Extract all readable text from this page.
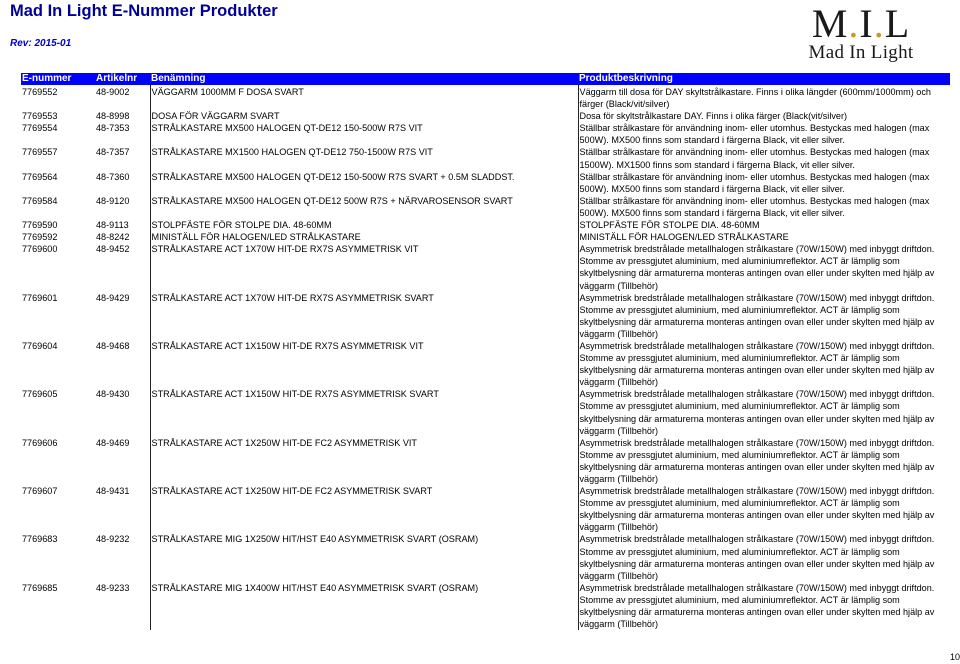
Mad In Light E-Nummer Produkter
Rev: 2015-01	M.I.L
Mad In Light
E-nummer	Artikelnr	Benämning	Produktbeskrivning
7769552	48-9002	VÄGGARM 1000MM F DOSA SVART	Väggarm till dosa för DAY skyltstrålkastare. Finns i olika längder (600mm/1000mm) och färger (Black/vit/silver)
7769553	48-8998	DOSA FÖR VÄGGARM SVART	Dosa för skyltstrålkastare DAY. Finns i olika färger (Black(vit/silver)
7769554	48-7353	STRÅLKASTARE MX500 HALOGEN QT-DE12 150-500W R7S VIT	Ställbar strålkastare för användning inom- eller utomhus. Bestyckas med halogen (max 500W). MX500 finns som standard i färgerna Black, vit eller silver.
7769557	48-7357	STRÅLKASTARE MX1500 HALOGEN QT-DE12 750-1500W R7S VIT	Ställbar strålkastare för användning inom- eller utomhus. Bestyckas med halogen (max 1500W). MX1500 finns som standard i färgerna Black, vit eller silver.
7769564	48-7360	STRÅLKASTARE MX500 HALOGEN QT-DE12 150-500W R7S SVART + 0.5M SLADDST.	Ställbar strålkastare för användning inom- eller utomhus. Bestyckas med halogen (max 500W). MX500 finns som standard i färgerna Black, vit eller silver.
7769584	48-9120	STRÅLKASTARE MX500 HALOGEN QT-DE12 500W R7S + NÄRVAROSENSOR SVART	Ställbar strålkastare för användning inom- eller utomhus. Bestyckas med halogen (max 500W). MX500 finns som standard i färgerna Black, vit eller silver.
7769590	48-9113	STOLPFÄSTE FÖR STOLPE DIA. 48-60MM	STOLPFÄSTE FÖR STOLPE DIA. 48-60MM
7769592	48-8242	MINISTÄLL FÖR HALOGEN/LED STRÅLKASTARE	MINISTÄLL FÖR HALOGEN/LED STRÅLKASTARE
7769600	48-9452	STRÅLKASTARE ACT 1X70W HIT-DE RX7S ASYMMETRISK VIT	Asymmetrisk bredstrålade metallhalogen strålkastare (70W/150W) med inbyggt driftdon. Stomme av pressgjutet aluminium, med aluminiumreflektor. ACT är lämplig som skyltbelysning där armaturerna monteras antingen ovan eller under skylten med hjälp av väggarm (Tillbehör)
7769601	48-9429	STRÅLKASTARE ACT 1X70W HIT-DE RX7S ASYMMETRISK SVART	Asymmetrisk bredstrålade metallhalogen strålkastare (70W/150W) med inbyggt driftdon. Stomme av pressgjutet aluminium, med aluminiumreflektor. ACT är lämplig som skyltbelysning där armaturerna monteras antingen ovan eller under skylten med hjälp av väggarm (Tillbehör)
7769604	48-9468	STRÅLKASTARE ACT 1X150W HIT-DE RX7S ASYMMETRISK VIT	Asymmetrisk bredstrålade metallhalogen strålkastare (70W/150W) med inbyggt driftdon. Stomme av pressgjutet aluminium, med aluminiumreflektor. ACT är lämplig som skyltbelysning där armaturerna monteras antingen ovan eller under skylten med hjälp av väggarm (Tillbehör)
7769605	48-9430	STRÅLKASTARE ACT 1X150W HIT-DE RX7S ASYMMETRISK SVART	Asymmetrisk bredstrålade metallhalogen strålkastare (70W/150W) med inbyggt driftdon. Stomme av pressgjutet aluminium, med aluminiumreflektor. ACT är lämplig som skyltbelysning där armaturerna monteras antingen ovan eller under skylten med hjälp av väggarm (Tillbehör)
7769606	48-9469	STRÅLKASTARE ACT 1X250W HIT-DE FC2 ASYMMETRISK VIT	Asymmetrisk bredstrålade metallhalogen strålkastare (70W/150W) med inbyggt driftdon. Stomme av pressgjutet aluminium, med aluminiumreflektor. ACT är lämplig som skyltbelysning där armaturerna monteras antingen ovan eller under skylten med hjälp av väggarm (Tillbehör)
7769607	48-9431	STRÅLKASTARE ACT 1X250W HIT-DE FC2 ASYMMETRISK SVART	Asymmetrisk bredstrålade metallhalogen strålkastare (70W/150W) med inbyggt driftdon. Stomme av pressgjutet aluminium, med aluminiumreflektor. ACT är lämplig som skyltbelysning där armaturerna monteras antingen ovan eller under skylten med hjälp av väggarm (Tillbehör)
7769683	48-9232	STRÅLKASTARE MIG 1X250W HIT/HST E40 ASYMMETRISK SVART (OSRAM)	Asymmetrisk bredstrålade metallhalogen strålkastare (70W/150W) med inbyggt driftdon. Stomme av pressgjutet aluminium, med aluminiumreflektor. ACT är lämplig som skyltbelysning där armaturerna monteras antingen ovan eller under skylten med hjälp av väggarm (Tillbehör)
7769685	48-9233	STRÅLKASTARE MIG 1X400W HIT/HST E40 ASYMMETRISK SVART (OSRAM)	Asymmetrisk bredstrålade metallhalogen strålkastare (70W/150W) med inbyggt driftdon. Stomme av pressgjutet aluminium, med aluminiumreflektor. ACT är lämplig som skyltbelysning där armaturerna monteras antingen ovan eller under skylten med hjälp av väggarm (Tillbehör)
10
